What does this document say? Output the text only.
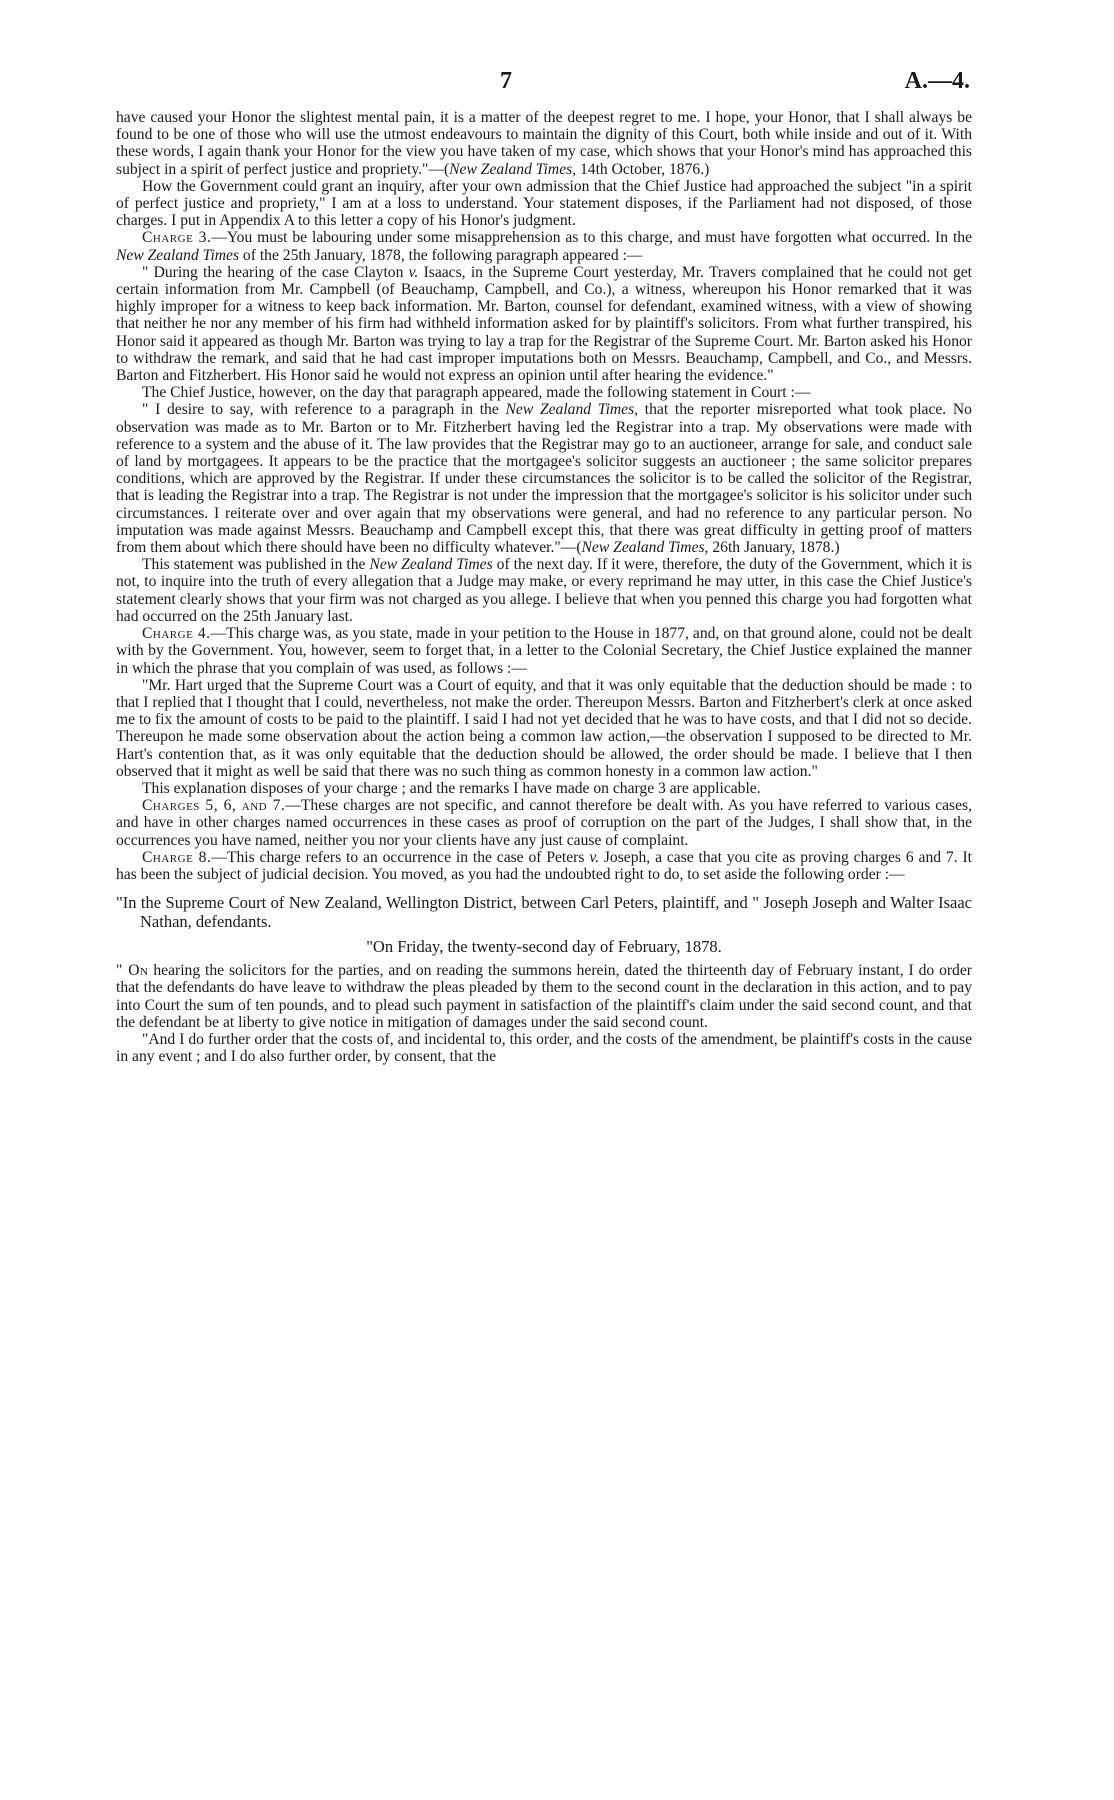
7	A.—4.

have caused your Honor the slightest mental pain, it is a matter of the deepest regret to me. I hope, your Honor, that I shall always be found to be one of those who will use the utmost endeavours to maintain the dignity of this Court, both while inside and out of it. With these words, I again thank your Honor for the view you have taken of my case, which shows that your Honor's mind has approached this subject in a spirit of perfect justice and propriety."—(New Zealand Times, 14th October, 1876.)

How the Government could grant an inquiry, after your own admission that the Chief Justice had approached the subject "in a spirit of perfect justice and propriety," I am at a loss to understand. Your statement disposes, if the Parliament had not disposed, of those charges. I put in Appendix A to this letter a copy of his Honor's judgment.

Charge 3.—You must be labouring under some misapprehension as to this charge, and must have forgotten what occurred. In the New Zealand Times of the 25th January, 1878, the following paragraph appeared :—

" During the hearing of the case Clayton v. Isaacs, in the Supreme Court yesterday, Mr. Travers complained that he could not get certain information from Mr. Campbell (of Beauchamp, Campbell, and Co.), a witness, whereupon his Honor remarked that it was highly improper for a witness to keep back information. Mr. Barton, counsel for defendant, examined witness, with a view of showing that neither he nor any member of his firm had withheld information asked for by plaintiff's solicitors. From what further transpired, his Honor said it appeared as though Mr. Barton was trying to lay a trap for the Registrar of the Supreme Court. Mr. Barton asked his Honor to withdraw the remark, and said that he had cast improper imputations both on Messrs. Beauchamp, Campbell, and Co., and Messrs. Barton and Fitzherbert. His Honor said he would not express an opinion until after hearing the evidence."

The Chief Justice, however, on the day that paragraph appeared, made the following statement in Court :—

" I desire to say, with reference to a paragraph in the New Zealand Times, that the reporter misreported what took place. No observation was made as to Mr. Barton or to Mr. Fitzherbert having led the Registrar into a trap. My observations were made with reference to a system and the abuse of it. The law provides that the Registrar may go to an auctioneer, arrange for sale, and conduct sale of land by mortgagees. It appears to be the practice that the mortgagee's solicitor suggests an auctioneer ; the same solicitor prepares conditions, which are approved by the Registrar. If under these circumstances the solicitor is to be called the solicitor of the Registrar, that is leading the Registrar into a trap. The Registrar is not under the impression that the mortgagee's solicitor is his solicitor under such circumstances. I reiterate over and over again that my observations were general, and had no reference to any particular person. No imputation was made against Messrs. Beauchamp and Campbell except this, that there was great difficulty in getting proof of matters from them about which there should have been no difficulty whatever."—(New Zealand Times, 26th January, 1878.)

This statement was published in the New Zealand Times of the next day. If it were, therefore, the duty of the Government, which it is not, to inquire into the truth of every allegation that a Judge may make, or every reprimand he may utter, in this case the Chief Justice's statement clearly shows that your firm was not charged as you allege. I believe that when you penned this charge you had forgotten what had occurred on the 25th January last.

Charge 4.—This charge was, as you state, made in your petition to the House in 1877, and, on that ground alone, could not be dealt with by the Government. You, however, seem to forget that, in a letter to the Colonial Secretary, the Chief Justice explained the manner in which the phrase that you complain of was used, as follows :—

"Mr. Hart urged that the Supreme Court was a Court of equity, and that it was only equitable that the deduction should be made : to that I replied that I thought that I could, nevertheless, not make the order. Thereupon Messrs. Barton and Fitzherbert's clerk at once asked me to fix the amount of costs to be paid to the plaintiff. I said I had not yet decided that he was to have costs, and that I did not so decide. Thereupon he made some observation about the action being a common law action,—the observation I supposed to be directed to Mr. Hart's contention that, as it was only equitable that the deduction should be allowed, the order should be made. I believe that I then observed that it might as well be said that there was no such thing as common honesty in a common law action."

This explanation disposes of your charge ; and the remarks I have made on charge 3 are applicable.

Charges 5, 6, and 7.—These charges are not specific, and cannot therefore be dealt with. As you have referred to various cases, and have in other charges named occurrences in these cases as proof of corruption on the part of the Judges, I shall show that, in the occurrences you have named, neither you nor your clients have any just cause of complaint.

Charge 8.—This charge refers to an occurrence in the case of Peters v. Joseph, a case that you cite as proving charges 6 and 7. It has been the subject of judicial decision. You moved, as you had the undoubted right to do, to set aside the following order :—

"In the Supreme Court of New Zealand, Wellington District, between Carl Peters, plaintiff, and " Joseph Joseph and Walter Isaac Nathan, defendants.

"On Friday, the twenty-second day of February, 1878.

" On hearing the solicitors for the parties, and on reading the summons herein, dated the thirteenth day of February instant, I do order that the defendants do have leave to withdraw the pleas pleaded by them to the second count in the declaration in this action, and to pay into Court the sum of ten pounds, and to plead such payment in satisfaction of the plaintiff's claim under the said second count, and that the defendant be at liberty to give notice in mitigation of damages under the said second count.

"And I do further order that the costs of, and incidental to, this order, and the costs of the amendment, be plaintiff's costs in the cause in any event ; and I do also further order, by consent, that the
